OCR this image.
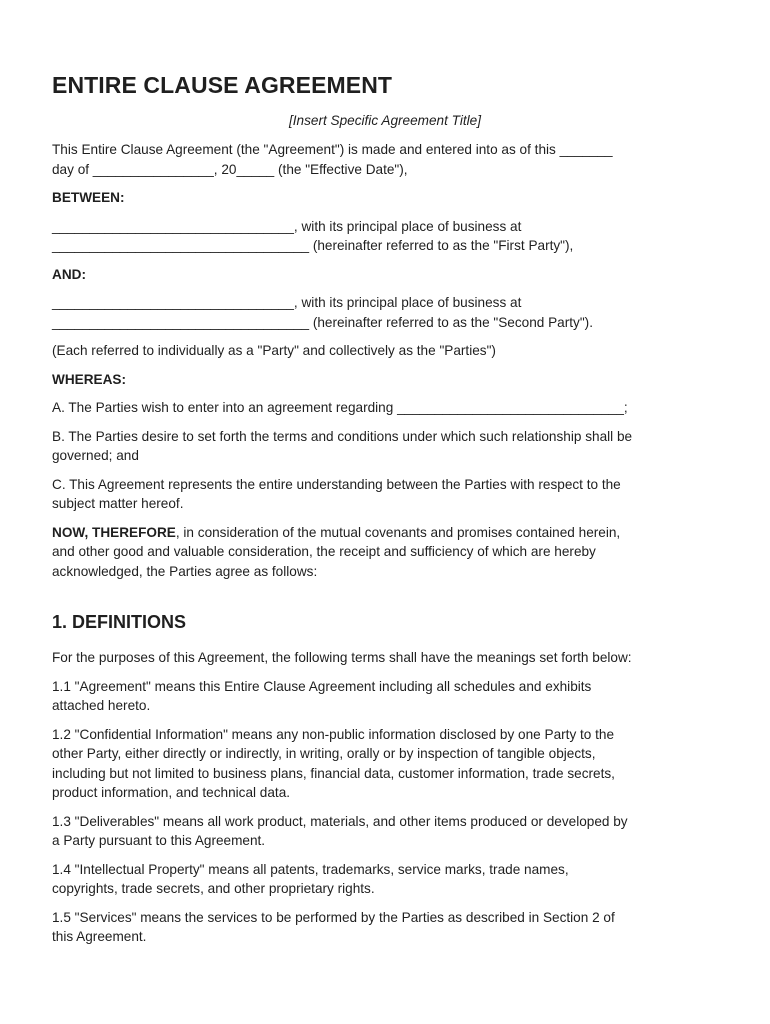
ENTIRE CLAUSE AGREEMENT
[Insert Specific Agreement Title]

This Entire Clause Agreement (the "Agreement") is made and entered into as of this _______
day of ________________, 20_____ (the "Effective Date"),

BETWEEN:

________________________________, with its principal place of business at
__________________________________ (hereinafter referred to as the "First Party"),

AND:

________________________________, with its principal place of business at
__________________________________ (hereinafter referred to as the "Second Party").

(Each referred to individually as a "Party" and collectively as the "Parties")

WHEREAS:

A. The Parties wish to enter into an agreement regarding ______________________________;

B. The Parties desire to set forth the terms and conditions under which such relationship shall be
governed; and

C. This Agreement represents the entire understanding between the Parties with respect to the
subject matter hereof.

NOW, THEREFORE, in consideration of the mutual covenants and promises contained herein,
and other good and valuable consideration, the receipt and sufficiency of which are hereby
acknowledged, the Parties agree as follows:

1. DEFINITIONS

For the purposes of this Agreement, the following terms shall have the meanings set forth below:

1.1 "Agreement" means this Entire Clause Agreement including all schedules and exhibits
attached hereto.

1.2 "Confidential Information" means any non-public information disclosed by one Party to the
other Party, either directly or indirectly, in writing, orally or by inspection of tangible objects,
including but not limited to business plans, financial data, customer information, trade secrets,
product information, and technical data.

1.3 "Deliverables" means all work product, materials, and other items produced or developed by
a Party pursuant to this Agreement.

1.4 "Intellectual Property" means all patents, trademarks, service marks, trade names,
copyrights, trade secrets, and other proprietary rights.

1.5 "Services" means the services to be performed by the Parties as described in Section 2 of
this Agreement.
